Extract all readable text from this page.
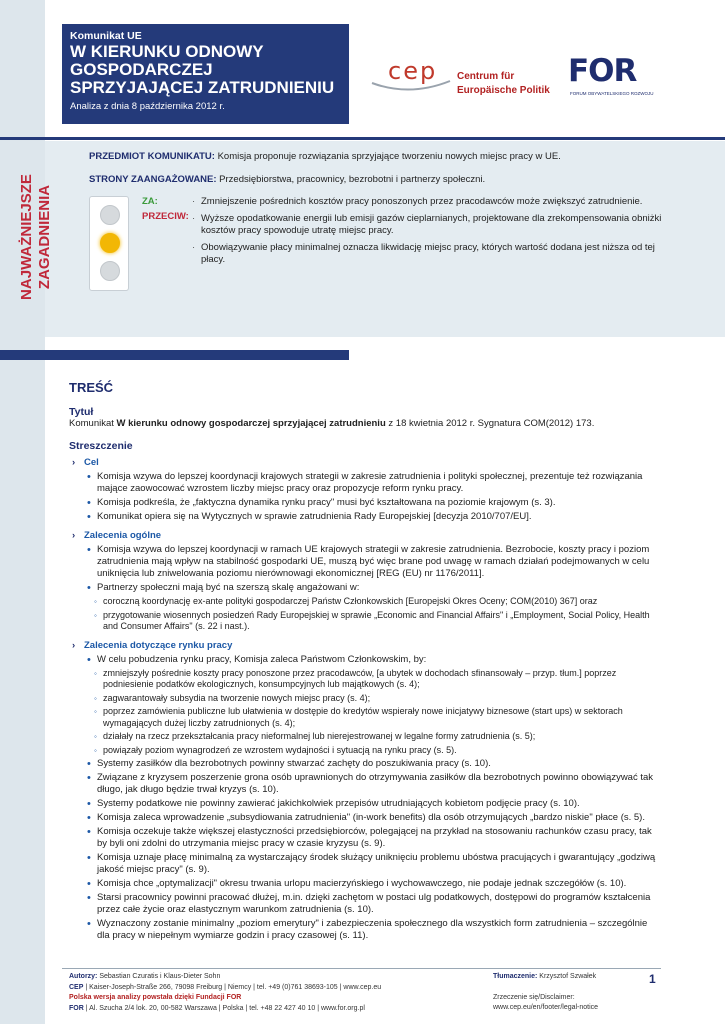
Komunikat UE
W KIERUNKU ODNOWY
GOSPODARCZEJ
SPRZYJAJĄCEJ ZATRUDNIENIU
Analiza z dnia 8 października 2012 r.
cep Centrum für
Europäische Politik
FOR
FORUM OBYWATELSKIEGO ROZWOJU
NAJWAŻNIEJSZE ZAGADNIENIA
PRZEDMIOT KOMUNIKATU: Komisja proponuje rozwiązania sprzyjające tworzeniu nowych miejsc pracy w UE.
STRONY ZAANGAŻOWANE: Przedsiębiorstwa, pracownicy, bezrobotni i partnerzy społeczni.
ZA:
PRZECIW:
· Zmniejszenie pośrednich kosztów pracy ponoszonych przez pracodawców może zwiększyć zatrudnienie.
· Wyższe opodatkowanie energii lub emisji gazów cieplarnianych, projektowane dla zrekompensowania obniżki kosztów pracy spowoduje utratę miejsc pracy.
· Obowiązywanie płacy minimalnej oznacza likwidację miejsc pracy, których wartość dodana jest niższa od tej płacy.
TREŚĆ
Tytuł
Komunikat W kierunku odnowy gospodarczej sprzyjającej zatrudnieniu z 18 kwietnia 2012 r. Sygnatura COM(2012) 173.
Streszczenie
› Cel
• Komisja wzywa do lepszej koordynacji krajowych strategii w zakresie zatrudnienia i polityki społecznej, prezentuje też rozwiązania mające zaowocować wzrostem liczby miejsc pracy oraz propozycje reform rynku pracy.
• Komisja podkreśla, że „faktyczna dynamika rynku pracy" musi być kształtowana na poziomie krajowym (s. 3).
• Komunikat opiera się na Wytycznych w sprawie zatrudnienia Rady Europejskiej [decyzja 2010/707/EU].
› Zalecenia ogólne
• Komisja wzywa do lepszej koordynacji w ramach UE krajowych strategii w zakresie zatrudnienia. Bezrobocie, koszty pracy i poziom zatrudnienia mają wpływ na stabilność gospodarki UE, muszą być więc brane pod uwagę w ramach działań podejmowanych w celu uniknięcia lub zniwelowania poziomu nierównowagi ekonomicznej [REG (EU) nr 1176/2011].
• Partnerzy społeczni mają być na szerszą skalę angażowani w:
◦ coroczną koordynację ex-ante polityki gospodarczej Państw Członkowskich [Europejski Okres Oceny; COM(2010) 367] oraz
◦ przygotowanie wiosennych posiedzeń Rady Europejskiej w sprawie „Economic and Financial Affairs" i „Employment, Social Policy, Health and Consumer Affairs" (s. 22 i nast.).
› Zalecenia dotyczące rynku pracy
• W celu pobudzenia rynku pracy, Komisja zaleca Państwom Członkowskim, by:
◦ zmniejszyły pośrednie koszty pracy ponoszone przez pracodawców, [a ubytek w dochodach sfinansowały – przyp. tłum.] poprzez podniesienie podatków ekologicznych, konsumpcyjnych lub majątkowych (s. 4);
◦ zagwarantowały subsydia na tworzenie nowych miejsc pracy (s. 4);
◦ poprzez zamówienia publiczne lub ułatwienia w dostępie do kredytów wspierały nowe inicjatywy biznesowe (start ups) w sektorach wymagających dużej liczby zatrudnionych (s. 4);
◦ działały na rzecz przekształcania pracy nieformalnej lub nierejestrowanej w legalne formy zatrudnienia (s. 5);
◦ powiązały poziom wynagrodzeń ze wzrostem wydajności i sytuacją na rynku pracy (s. 5).
• Systemy zasiłków dla bezrobotnych powinny stwarzać zachęty do poszukiwania pracy (s. 10).
• Związane z kryzysem poszerzenie grona osób uprawnionych do otrzymywania zasiłków dla bezrobotnych powinno obowiązywać tak długo, jak długo będzie trwał kryzys (s. 10).
• Systemy podatkowe nie powinny zawierać jakichkolwiek przepisów utrudniających kobietom podjęcie pracy (s. 10).
• Komisja zaleca wprowadzenie „subsydiowania zatrudnienia" (in-work benefits) dla osób otrzymujących „bardzo niskie" płace (s. 5).
• Komisja oczekuje także większej elastyczności przedsiębiorców, polegającej na przykład na stosowaniu rachunków czasu pracy, tak by byli oni zdolni do utrzymania miejsc pracy w czasie kryzysu (s. 9).
• Komisja uznaje płacę minimalną za wystarczający środek służący uniknięciu problemu ubóstwa pracujących i gwarantujący „godziwą jakość miejsc pracy" (s. 9).
• Komisja chce „optymalizacji" okresu trwania urlopu macierzyńskiego i wychowawczego, nie podaje jednak szczegółów (s. 10).
• Starsi pracownicy powinni pracować dłużej, m.in. dzięki zachętom w postaci ulg podatkowych, dostępowi do programów kształcenia przez całe życie oraz elastycznym warunkom zatrudnienia (s. 10).
• Wyznaczony zostanie minimalny „poziom emerytury" i zabezpieczenia społecznego dla wszystkich form zatrudnienia – szczególnie dla pracy w niepełnym wymiarze godzin i pracy czasowej (s. 11).
Autorzy: Sebastian Czuratis i Klaus-Dieter Sohn
CEP | Kaiser-Joseph-Straße 266, 79098 Freiburg | Niemcy | tel. +49 (0)761 38693-105 | www.cep.eu
Polska wersja analizy powstała dzięki Fundacji FOR
FOR | Al. Szucha 2/4 lok. 20, 00-582 Warszawa | Polska | tel. +48 22 427 40 10 | www.for.org.pl
Tłumaczenie: Krzysztof Szwałek
Zrzeczenie się/Disclaimer:
www.cep.eu/en/footer/legal-notice
1
